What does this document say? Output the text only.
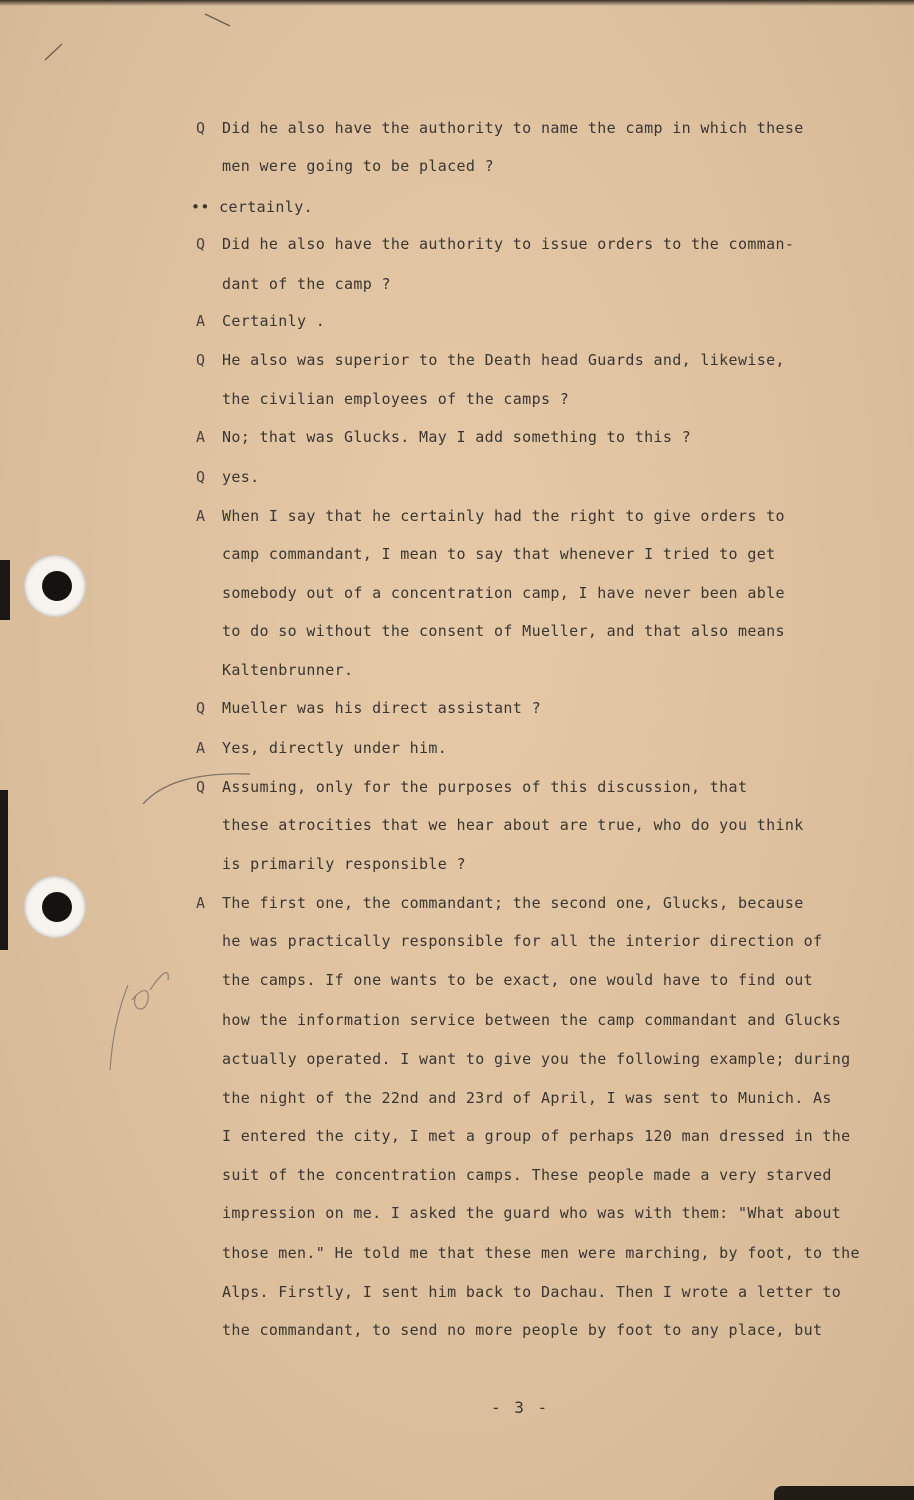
Q Did he also have the authority to name the camp in which these
men were going to be placed ?
•• certainly.
Q Did he also have the authority to issue orders to the comman-
dant of the camp ?
A Certainly .
Q He also was superior to the Death head Guards and, likewise,
the civilian employees of the camps ?
A No; that was Glucks. May I add something to this ?
Q yes.
A When I say that he certainly had the right to give orders to
camp commandant, I mean to say that whenever I tried to get
somebody out of a concentration camp, I have never been able
to do so without the consent of Mueller, and that also means
Kaltenbrunner.
Q Mueller was his direct assistant ?
A Yes, directly under him.
Q Assuming, only for the purposes of this discussion, that
these atrocities that we hear about are true, who do you think
is primarily responsible ?
A The first one, the commandant; the second one, Glucks, because
he was practically responsible for all the interior direction of
the camps. If one wants to be exact, one would have to find out
how the information service between the camp commandant and Glucks
actually operated. I want to give you the following example; during
the night of the 22nd and 23rd of April, I was sent to Munich. As
I entered the city, I met a group of perhaps 120 man dressed in the
suit of the concentration camps. These people made a very starved
impression on me. I asked the guard who was with them: "What about
those men." He told me that these men were marching, by foot, to the
Alps. Firstly, I sent him back to Dachau. Then I wrote a letter to
the commandant, to send no more people by foot to any place, but
- 3 -
